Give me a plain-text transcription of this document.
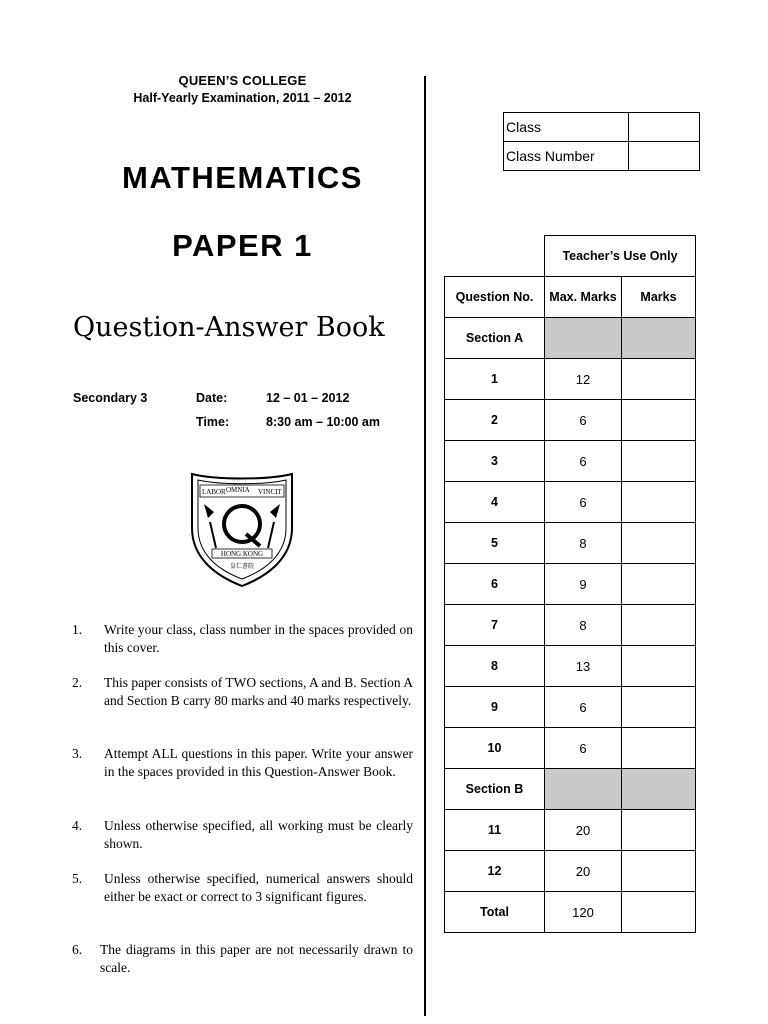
QUEEN’S COLLEGE
Half-Yearly Examination, 2011 – 2012
MATHEMATICS
PAPER 1
Question-Answer Book
Secondary 3	Date:	12 – 01 – 2012
Time:	8:30 am – 10:00 am
LABOR OMNIA VINCIT
HONG KONG
皇仁書院
1. Write your class, class number in the spaces provided on this cover.
2. This paper consists of TWO sections, A and B. Section A and Section B carry 80 marks and 40 marks respectively.
3. Attempt ALL questions in this paper. Write your answer in the spaces provided in this Question-Answer Book.
4. Unless otherwise specified, all working must be clearly shown.
5. Unless otherwise specified, numerical answers should either be exact or correct to 3 significant figures.
6. The diagrams in this paper are not necessarily drawn to scale.
Class	
Class Number	
	Teacher’s Use Only	
Question No.	Max. Marks	Marks
Section A		
1	12	
2	6	
3	6	
4	6	
5	8	
6	9	
7	8	
8	13	
9	6	
10	6	
Section B		
11	20	
12	20	
Total	120	
